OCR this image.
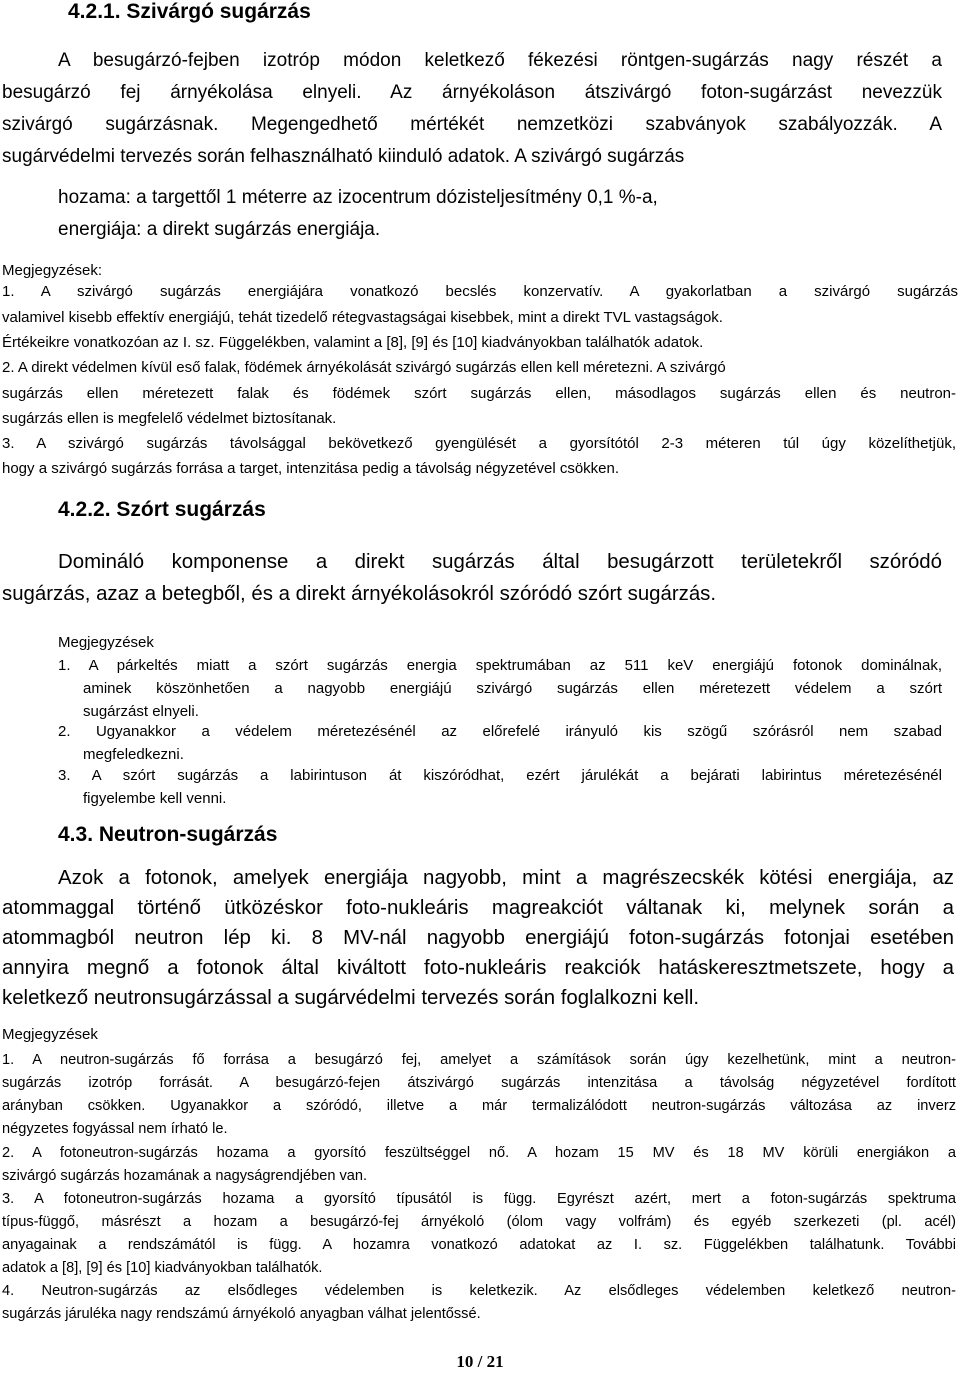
4.2.1. Szivárgó sugárzás
A besugárzó-fejben izotróp módon keletkező fékezési röntgen-sugárzás nagy részét a
besugárzó fej árnyékolása elnyeli. Az árnyékoláson átszivárgó foton-sugárzást nevezzük
szivárgó sugárzásnak. Megengedhető mértékét nemzetközi szabványok szabályozzák. A
sugárvédelmi tervezés során felhasználható kiinduló adatok. A szivárgó sugárzás
hozama: a targettől 1 méterre az izocentrum dózisteljesítmény 0,1 %-a,
energiája: a direkt sugárzás energiája.
Megjegyzések:
1. A szivárgó sugárzás energiájára vonatkozó becslés konzervatív. A gyakorlatban a szivárgó sugárzás
valamivel kisebb effektív energiájú, tehát tizedelő rétegvastagságai kisebbek, mint a direkt TVL vastagságok.
Értékeikre vonatkozóan az I. sz. Függelékben, valamint a [8], [9] és [10] kiadványokban találhatók adatok.
2. A direkt védelmen kívül eső falak, födémek árnyékolását szivárgó sugárzás ellen kell méretezni. A szivárgó
sugárzás ellen méretezett falak és födémek szórt sugárzás ellen, másodlagos sugárzás ellen és neutron-
sugárzás ellen is megfelelő védelmet biztosítanak.
3. A szivárgó sugárzás távolsággal bekövetkező gyengülését a gyorsítótól 2-3 méteren túl úgy közelíthetjük,
hogy a szivárgó sugárzás forrása a target, intenzitása pedig a távolság négyzetével csökken.
4.2.2. Szórt sugárzás
Domináló komponense a direkt sugárzás által besugárzott területekről szóródó
sugárzás, azaz a betegből, és a direkt árnyékolásokról szóródó szórt sugárzás.
Megjegyzések
1. A párkeltés miatt a szórt sugárzás energia spektrumában az 511 keV energiájú fotonok dominálnak,
aminek köszönhetően a nagyobb energiájú szivárgó sugárzás ellen méretezett védelem a szórt
sugárzást elnyeli.
2. Ugyanakkor a védelem méretezésénél az előrefelé irányuló kis szögű szórásról nem szabad
megfeledkezni.
3. A szórt sugárzás a labirintuson át kiszóródhat, ezért járulékát a bejárati labirintus méretezésénél
figyelembe kell venni.
4.3. Neutron-sugárzás
Azok a fotonok, amelyek energiája nagyobb, mint a magrészecskék kötési energiája, az
atommaggal történő ütközéskor foto-nukleáris magreakciót váltanak ki, melynek során a
atommagból neutron lép ki. 8 MV-nál nagyobb energiájú foton-sugárzás fotonjai esetében
annyira megnő a fotonok által kiváltott foto-nukleáris reakciók hatáskeresztmetszete, hogy a
keletkező neutronsugárzással a sugárvédelmi tervezés során foglalkozni kell.
Megjegyzések
1. A neutron-sugárzás fő forrása a besugárzó fej, amelyet a számítások során úgy kezelhetünk, mint a neutron-
sugárzás izotróp forrását. A besugárzó-fejen átszivárgó sugárzás intenzitása a távolság négyzetével fordított
arányban csökken. Ugyanakkor a szóródó, illetve a már termalizálódott neutron-sugárzás változása az inverz
négyzetes fogyással nem írható le.
2. A fotoneutron-sugárzás hozama a gyorsító feszültséggel nő. A hozam 15 MV és 18 MV körüli energiákon a
szivárgó sugárzás hozamának a nagyságrendjében van.
3. A fotoneutron-sugárzás hozama a gyorsító típusától is függ. Egyrészt azért, mert a foton-sugárzás spektruma
típus-függő, másrészt a hozam a besugárzó-fej árnyékoló (ólom vagy volfrám) és egyéb szerkezeti (pl. acél)
anyagainak a rendszámától is függ. A hozamra vonatkozó adatokat az I. sz. Függelékben találhatunk. További
adatok a [8], [9] és [10] kiadványokban találhatók.
4. Neutron-sugárzás az elsődleges védelemben is keletkezik. Az elsődleges védelemben keletkező neutron-
sugárzás járuléka nagy rendszámú árnyékoló anyagban válhat jelentőssé.
10 / 21
